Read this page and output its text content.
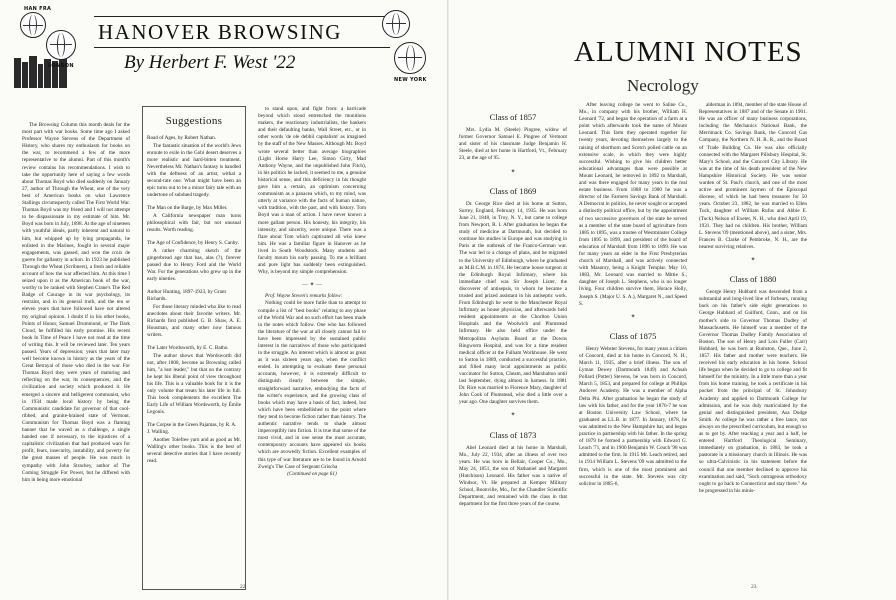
HAN FRA
LONDON
HANOVER BROWSING
By Herbert F. West '22
NEW YORK

The Browsing Column this month deals for the most part with war books. Some time ago I asked Professor Wayne Stevens of the Department of History, who shares my enthusiasm for books on the war, to recommend a few of the more representative to the alumni. Part of this month's review contains his recommendations. I wish to take the opportunity here of saying a few words about Thomas Boyd who died suddenly on January 27, author of Through the Wheat, one of the very best of American books on what Lawrence Stallings circumspectly called The First World War. Thomas Boyd was my friend and I will not attempt to be dispassionate in my estimate of him. Mr. Boyd was born in July, 1898. At the age of nineteen with youthful ideals, partly inherent and natural to him, but whipped up by lying propaganda, he enlisted in the Marines, fought in several major engagements, was gassed, and won the croix de guerre for gallantry in action. In 1923 he published Through the Wheat (Scribners), a fresh and reliable account of how the war affected him. At this time I seized upon it as the American book of the war, worthy to be ranked with Stephen Crane's The Red Badge of Courage in its war psychology, its restraint, and in its general truth, and the ten or eleven years that have followed have not altered my original opinion. I doubt if in his other books, Points of Honor, Samuel Drummond, or The Dark Cloud, he fulfilled his early promise. His recent book In Time of Peace I have not read at the time of writing this. It will be reviewed later. Ten years passed. Years of depression; years that later may well become known in history as the years of the Great Betrayal of those who died in the war. For Thomas Boyd they were years of maturing and reflecting on the war, its consequences, and the civilization and society which produced it. He emerged a sincere and belligerent communist, who in 1934 made local history by being the Communistic candidate for governor of that cool-ribbed, and granite-brained state of Vermont. Communism for Thomas Boyd was a flaming banner that he waved as a challenge, a single handed one if necessary, to the injustices of a capitalistic civilization that had produced wars for profit, fears, insecurity, instability, and poverty for the great masses of people. He was much in sympathy with John Strachey, author of The Coming Struggle For Power, but he differed with him in being more emotional

Suggestions
Road of Ages, by Robert Nathan.
The fantastic situation of the world's Jews enroute to exile in the Gobi desert deserves a more realistic and hard-bitten treatment. Nevertheless Mr. Nathan's fantasy is handled with the deftness of an artist, withal a second-rate one. What might have been an epic turns out to be a minor fairy tale with an undertone of subdued tragedy.
The Man on the Barge, by Max Miller.
A California newspaper man turns philosophical with fair, but not unusual results. Worth reading.
The Age of Confidence, by Henry S. Canby.
A rather charming sketch of the gingerbread age that has, alas (?), forever passed due to Henry Ford and the World War. For the generations who grew up in the early nineties.
Author Hunting, 1897-1923, by Grant Richards.
For those literary minded who like to read anecdotes about their favorite writers. Mr. Richards first published G. B. Shaw, A. E. Housman, and many other now famous writers.
The Later Wordsworth, by E. C. Batho.
The author shows that Wordsworth did not, after 1808, become as Browning called him, "a lost leader," but that on the contrary he kept his liberal point of view throughout his life. This is a valuable book for it is the only volume that treats his later life in full. This book complements the excellent The Early Life of William Wordsworth, by Émile Legouis.
The Corpse in the Green Pajamas, by R. A. J. Walling.
Another Tolefree yarn and as good as Mr. Walling's other books. This is the best of several detective stories that I have recently read.

to stand upon, and fight from: a barricade beyond which stood entrenched the munitions makers, the reactionary industrialists, the bankers and their defaulting banks, Wall Street, etc., or in other words 'de ole debbil capitalism' as imagined by the staff of the New Masses. Although Mr. Boyd wrote several better than average biographies (Light Horse Harry Lee, Simon Girty, Mad Anthony Wayne, and the unpublished John Fitch), in his politics he lacked, it seemed to me, a genuine historical sense, and this deficiency in his thought gave him a certain, an optimism concerning communism as a panacea which, to my mind, was utterly at variance with the facts of human nature, with tradition, with the past, and with history. Tom Boyd was a man of action. I have never known a more gallant person. His honesty, his integrity, his intensity, and sincerity, were unique. There was a flare about Tom which captivated all who knew him. He was a familiar figure in Hanover as he lived in South Woodstock. Many students and faculty mourn his early passing. To me a brilliant and pure light has suddenly been extinguished. Why, is beyond my simple comprehension.

— ✦ —

Prof. Wayne Steven's remarks follow:

Nothing could be more futile than to attempt to compile a list of "best books" relating to any phase of the World War and no such effort has been made in the notes which follow. One who has followed the literature of the war at all closely cannot fail to have been impressed by the sustained public interest in the narratives of those who participated in the struggle. An interest which is almost as great as it was sixteen years ago, when the conflict ended. In attempting to evaluate these personal accounts, however, it is extremely difficult to distinguish clearly between the simple, straightforward narrative, embodying the facts of the writer's experience, and the growing class of books which may have a basis of fact, indeed, but which have been embellished to the point where they tend to become fiction rather than history. The authentic narrative tends to shade almost imperceptibly into fiction. It is true that some of the most vivid, and in one sense the most accurate, contemporary accounts have appeared six books which are avowedly fiction. Excellent examples of this type of war literature are to be found in Arnold Zweig's The Case of Sergeant Grischa

(Continued on page 61)

22
ALUMNI NOTES
Necrology
Class of 1857

Mrs. Lydia M. (Steele) Pingree, widow of former Governor Samuel E. Pingree of Vermont and sister of his classmate Judge Benjamin H. Steele, died at her home in Hartford, Vt., February 23, at the age of 95.

✦
Class of 1869

Dr. George Rice died at his home at Sutton, Surrey, England, February 14, 1935. He was born June 21, 1848, in Troy, N. Y., but came to college from Newport, R. I. After graduation he began the study of medicine at Dartmouth, but decided to continue his studies in Europe and was studying in Paris at the outbreak of the Franco-German war. The war led to a change of plans, and he migrated to the University of Edinburgh, where he graduated as M.B.C.M. in 1874. He became house surgeon at the Edinburgh Royal Infirmary, where his immediate chief was Sir Joseph Lister, the discoverer of antisepsis, to whom he became a trusted and prized assistant in his antiseptic work. From Edinburgh he went to the Manchester Royal Infirmary as house physician, and afterwards held resident appointments at the Chorlton Union Hospitals and the Woolwich and Plumstead Infirmary. He also held office under the Metropolitan Asylums Board at the Downs Ringworm Hospital, and was for a time resident medical officer at the Fulham Workhouse. He went to Sutton in 1889, conducted a successful practice, and filled many local appointments as public vaccinator for Sutton, Cheam, and Marshalton until last September, dying almost in harness. In 1881 Dr. Rice was married to Florence Mary, daughter of John Cook of Plumstead, who died a little over a year ago. One daughter survives them.

✦
Class of 1873

Abel Leonard died at his home in Marshall, Mo., July 22, 1934, after an illness of over two years. He was born in Bellair, Cooper Co., Mo., May 24, 1851, the son of Nathaniel and Margaret (Hutchison) Leonard. His father was a native of Windsor, Vt. He prepared at Kemper Military School, Boonville, Mo., for the Chandler Scientific Department, and remained with the class in that department for the first three years of the course.

After leaving college he went to Saline Co., Mo., in company with his brother, William H. Leonard '72, and began the operation of a farm at a point which afterwards took the name of Mount Leonard. This farm they operated together for twenty years, devoting themselves largely to the raising of shorthorn and Scotch polled cattle on an extensive scale, in which they were highly successful. Wishing to give his children better educational advantages than were possible at Mount Leonard, he removed in 1892 to Marshall, and was there engaged for many years in the real estate business. From 1888 to 1900 he was a director of the Farmers Savings Bank of Marshall. A Democrat in politics, he never sought or accepted a distinctly political office, but by the appointment of two successive governors of the state he served as a member of the state board of agriculture from 1885 to 1895, was a trustee of Westminster College from 1895 to 1899, and president of the board of education of Marshall from 1896 to 1899. He was for many years an elder in the First Presbyterian church of Marshall, and was actively connected with Masonry, being a Knight Templar. May 10, 1883, Mr. Leonard was married to Mittie S., daughter of Joseph L. Stephens, who is no longer living. Four children survive them, Horace Holly, Joseph S. (Major U. S. A.), Margaret N., and Speed S.

✦
Class of 1875

Henry Webster Stevens, for many years a citizen of Concord, died at his home in Concord, N. H., March 11, 1935, after a brief illness. The son of Lyman Dewey (Dartmouth 1849) and Achsah Pollard (Potter) Stevens, he was born in Concord, March 5, 1853, and prepared for college at Phillips Andover Academy. He was a member of Alpha Delta Phi. After graduation he began the study of law with his father, and for the year 1876-7 he was at Boston University Law School, where he graduated as LL.B. in 1877. In January, 1878, he was admitted to the New Hampshire bar, and began practice in partnership with his father. In the spring of 1879 he formed a partnership with Edward G. Leach '71, and in 1900 Benjamin W. Couch '98 was admitted to the firm. In 1915 Mr. Leach retired, and in 1914 William L. Stevens '09 was admitted to the firm, which is one of the most prominent and successful in the state. Mr. Stevens was city solicitor in 1885-6,

alderman in 1894, member of the state House of Representatives in 1887 and of the Senate in 1901. He was an officer of many business corporations, including the Mechanics National Bank, the Merrimack Co. Savings Bank, the Concord Gas Company, the Northern N. H. R. R., and the Board of Trade Building Co. He was also officially connected with the Margaret Pillsbury Hospital, St. Mary's School, and the Concord City Library. He was at the time of his death president of the New Hampshire Historical Society. He was senior warden of St. Paul's church, and one of the most active and prominent laymen of the Episcopal diocese, of which he had been treasurer for 50 years. October 23, 1882, he was married to Ellen Tuck, daughter of William Rufus and Abbie E. (Tuck) Nelson of Exeter, N. H., who died April 19, 1931. They had no children. His brother, William L. Stevens '09 (mentioned above), and a sister, Mrs. Frances B. Clarke of Pembroke, N. H., are the nearest surviving relatives.

✦
Class of 1880

George Henry Hubbard was descended from a substantial and long-lived line of forbears, running back on his father's side eight generations to George Hubbard of Guilford, Conn., and on his mother's side to Governor Thomas Dudley of Massachusetts. He himself was a member of the Governor Thomas Dudley Family Association of Boston. The son of Henry and Lois Fuller (Carr) Hubbard, he was born at Rumston, Que., June 2, 1857. His father and mother were teachers. He received his early education in his home. School life began when he decided to go to college and fit himself for the ministry. In a little more than a year from his home training, he took a certificate in his pocket from the principal of St. Johnsbury Academy and applied to Dartmouth College for admission, and he was duly matriculated by the genial and distinguished president, Asa Dodge Smith. At college he was rather a free lance, not always on the prescribed curriculum, but enough so as to get by. After teaching a year and a half, he entered Hartford Theological Seminary, immediately on graduation, in 1883, he took a pastorate in a missionary church in Illinois. He was so ultra-Calvinistic in his statement before the council that one member declined to approve his examination and said, "Such outrageous orthodoxy ought to go back to Connecticut and stay there." As he progressed in his minis-

23
